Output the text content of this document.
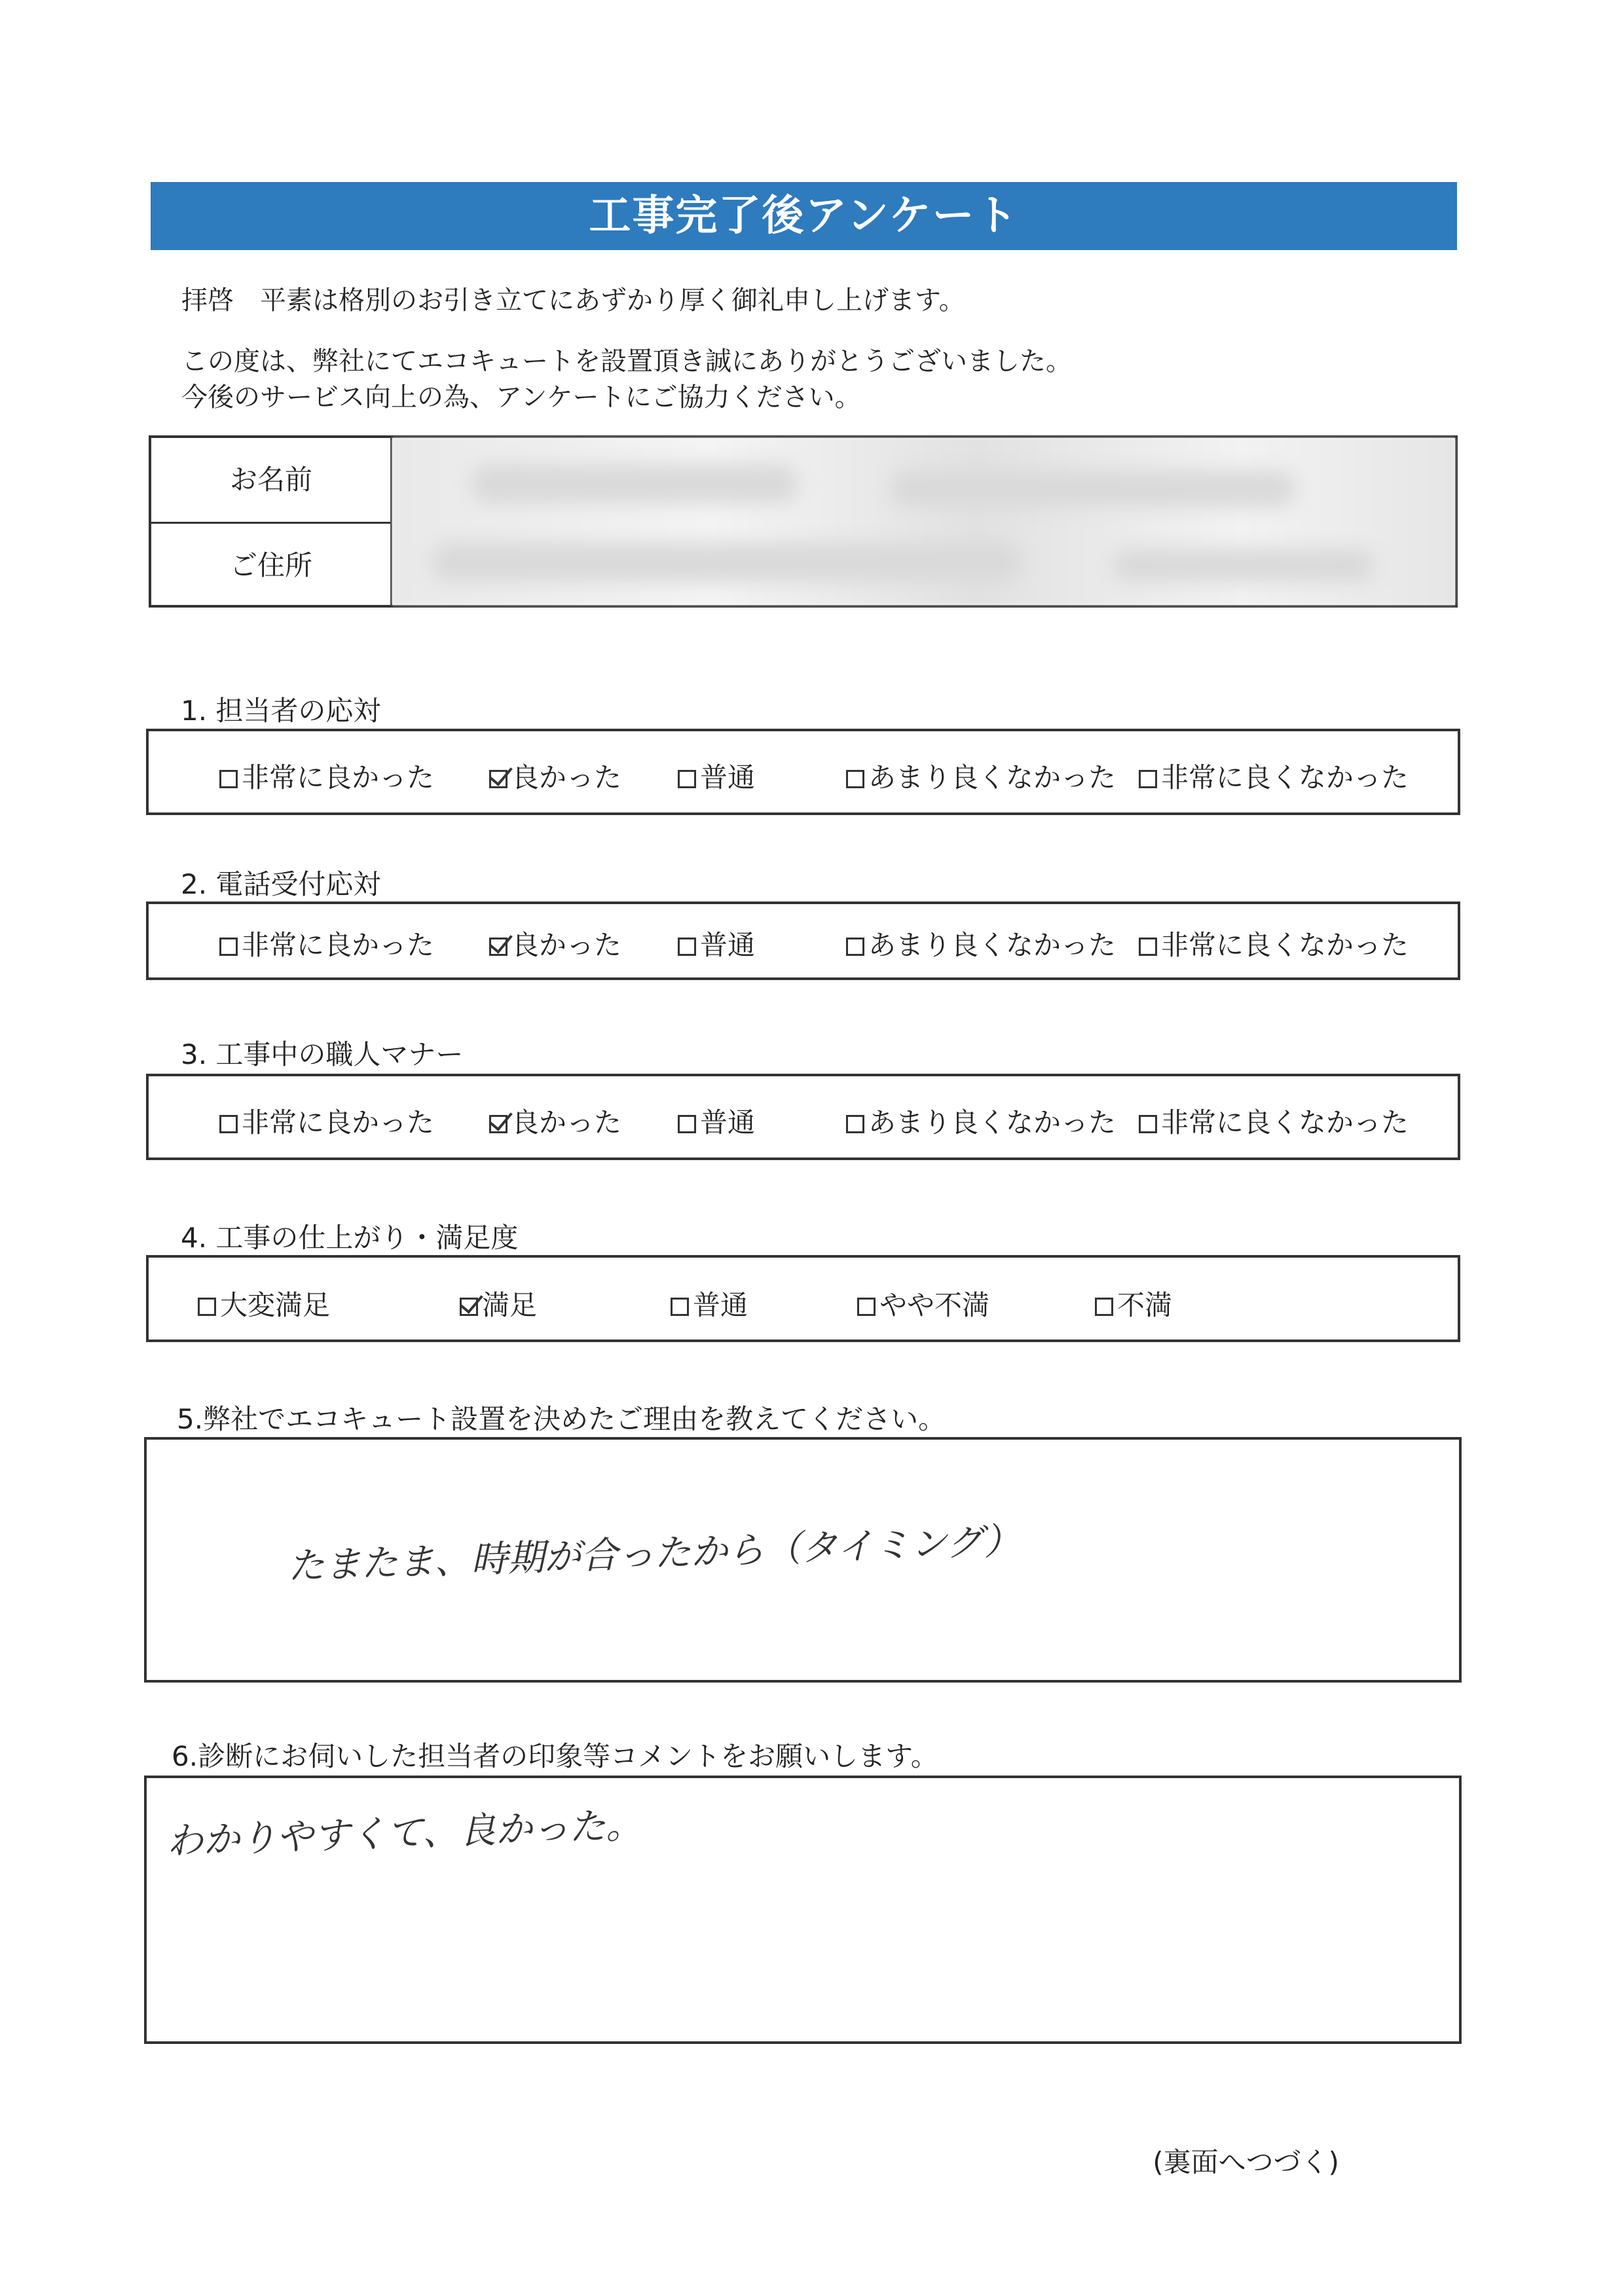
工事完了後アンケート
拝啓　平素は格別のお引き立てにあずかり厚く御礼申し上げます。
この度は、弊社にてエコキュートを設置頂き誠にありがとうございました。
今後のサービス向上の為、アンケートにご協力ください。
お名前
ご住所
1. 担当者の応対
非常に良かった	良かった	普通	あまり良くなかった	非常に良くなかった
2. 電話受付応対
非常に良かった	良かった	普通	あまり良くなかった	非常に良くなかった
3. 工事中の職人マナー
非常に良かった	良かった	普通	あまり良くなかった	非常に良くなかった
4. 工事の仕上がり・満足度
大変満足	満足	普通	やや不満	不満
5.弊社でエコキュート設置を決めたご理由を教えてください。
たまたま、時期が合ったから（タイミング）
6.診断にお伺いした担当者の印象等コメントをお願いします。
わかりやすくて、良かった。
(裏面へつづく)
